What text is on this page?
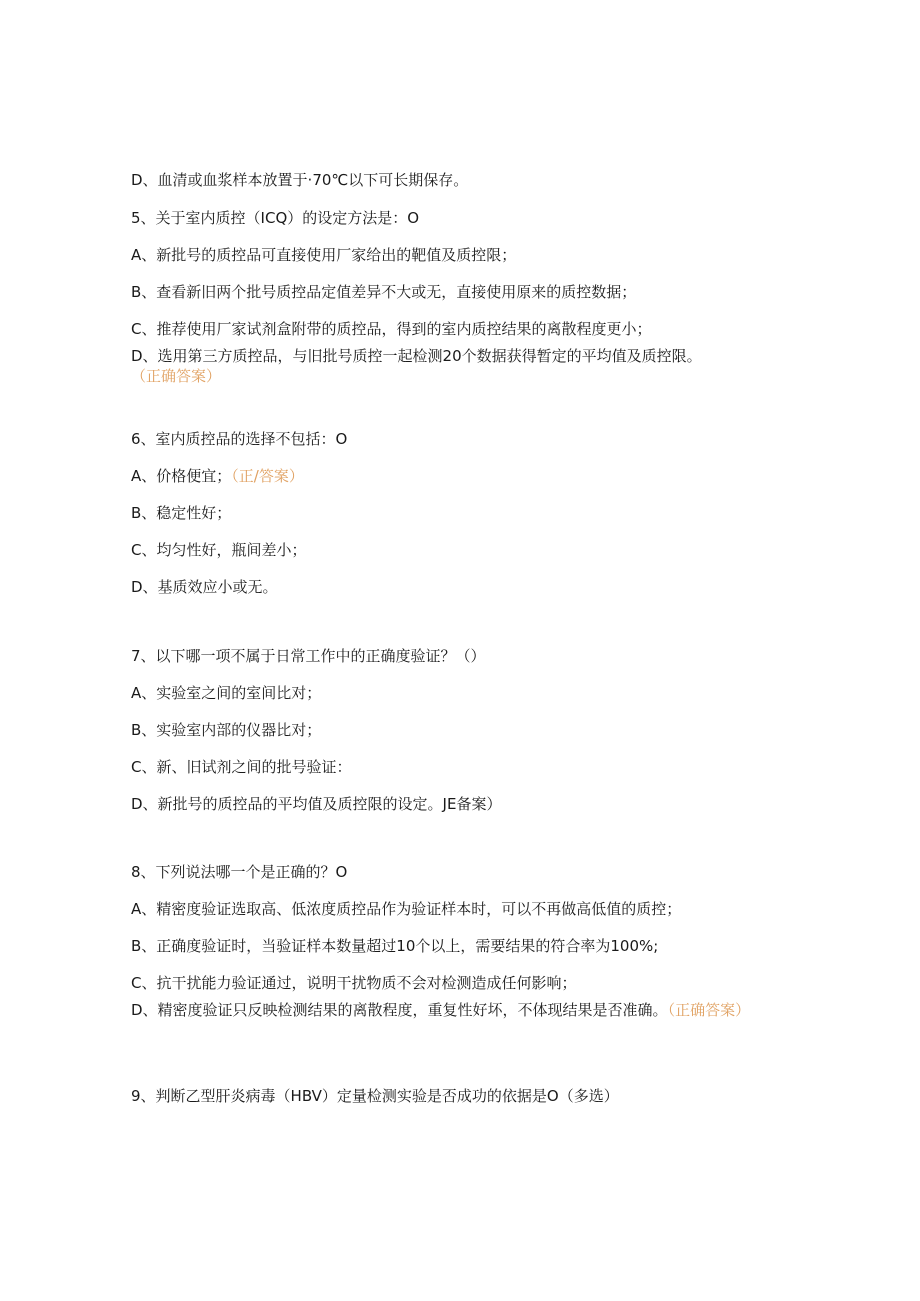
D、血清或血浆样本放置于·70℃以下可长期保存。

5、关于室内质控（ICQ）的设定方法是：O

A、新批号的质控品可直接使用厂家给出的靶值及质控限；

B、查看新旧两个批号质控品定值差异不大或无，直接使用原来的质控数据；

C、推荐使用厂家试剂盒附带的质控品，得到的室内质控结果的离散程度更小；

D、选用第三方质控品，与旧批号质控一起检测20个数据获得暂定的平均值及质控限。（正确答案）

6、室内质控品的选择不包括：O

A、价格便宜；（正/答案）

B、稳定性好；

C、均匀性好，瓶间差小；

D、基质效应小或无。

7、以下哪一项不属于日常工作中的正确度验证？（）

A、实验室之间的室间比对；

B、实验室内部的仪器比对；

C、新、旧试剂之间的批号验证：

D、新批号的质控品的平均值及质控限的设定。JE备案）

8、下列说法哪一个是正确的？O

A、精密度验证选取高、低浓度质控品作为验证样本时，可以不再做高低值的质控；

B、正确度验证时，当验证样本数量超过10个以上，需要结果的符合率为100%;

C、抗干扰能力验证通过，说明干扰物质不会对检测造成任何影响；

D、精密度验证只反映检测结果的离散程度，重复性好坏，不体现结果是否准确。（正确答案）

9、判断乙型肝炎病毒（HBV）定量检测实验是否成功的依据是O（多选）
